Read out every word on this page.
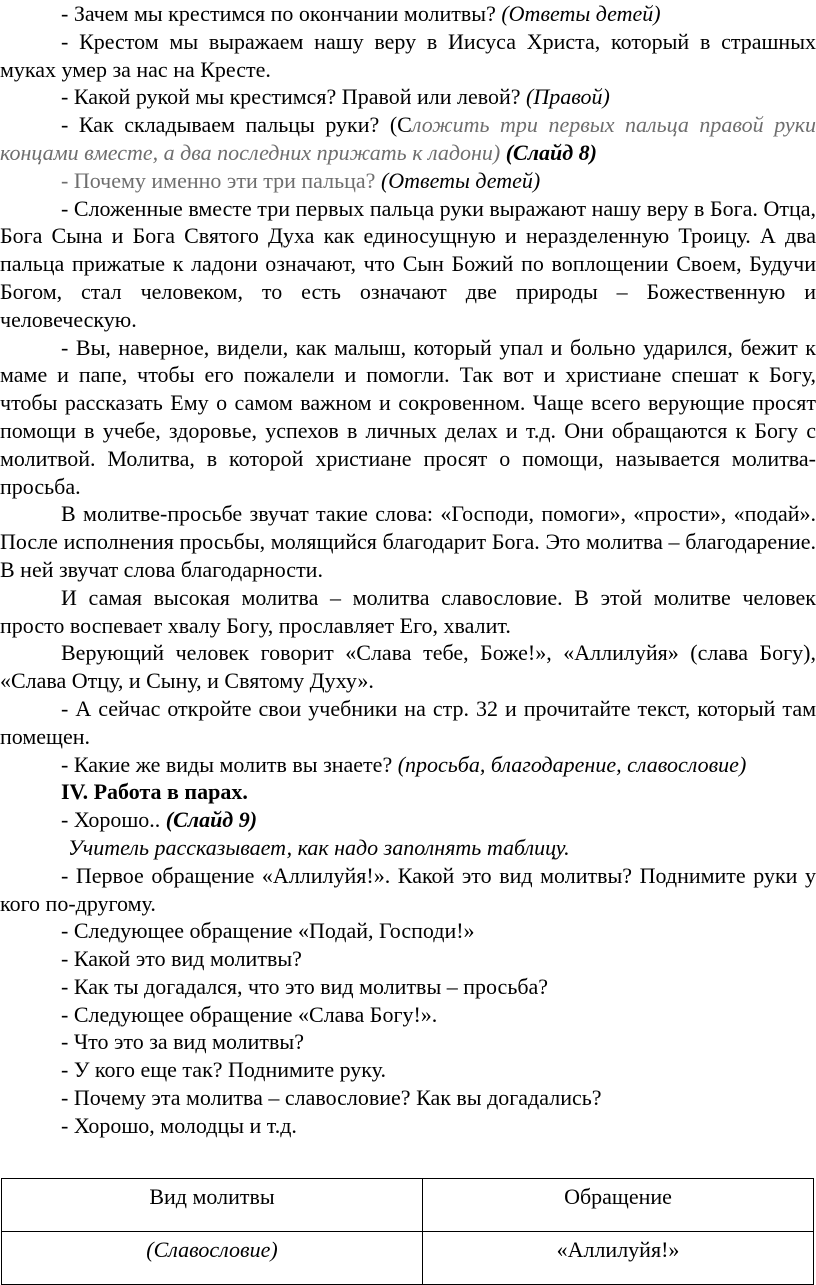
- Зачем мы крестимся по окончании молитвы? (Ответы детей)

- Крестом мы выражаем нашу веру в Иисуса Христа, который в страшных муках умер за нас на Кресте.

- Какой рукой мы крестимся? Правой или левой? (Правой)

- Как складываем пальцы руки? (Сложить три первых пальца правой руки концами вместе, а два последних прижать к ладони) (Слайд 8)

- Почему именно эти три пальца? (Ответы детей)

- Сложенные вместе три первых пальца руки выражают нашу веру в Бога. Отца, Бога Сына и Бога Святого Духа как единосущную и неразделенную Троицу. А два пальца прижатые к ладони означают, что Сын Божий по воплощении Своем, Будучи Богом, стал человеком, то есть означают две природы – Божественную и человеческую.

- Вы, наверное, видели, как малыш, который упал и больно ударился, бежит к маме и папе, чтобы его пожалели и помогли. Так вот и христиане спешат к Богу, чтобы рассказать Ему о самом важном и сокровенном. Чаще всего верующие просят помощи в учебе, здоровье, успехов в личных делах и т.д. Они обращаются к Богу с молитвой. Молитва, в которой христиане просят о помощи, называется молитва-просьба.

В молитве-просьбе звучат такие слова: «Господи, помоги», «прости», «подай». После исполнения просьбы, молящийся благодарит Бога. Это молитва – благодарение. В ней звучат слова благодарности.

И самая высокая молитва – молитва славословие. В этой молитве человек просто воспевает хвалу Богу, прославляет Его, хвалит.

Верующий человек говорит «Слава тебе, Боже!», «Аллилуйя» (слава Богу), «Слава Отцу, и Сыну, и Святому Духу».

- А сейчас откройте свои учебники на стр. 32 и прочитайте текст, который там помещен.

- Какие же виды молитв вы знаете? (просьба, благодарение, славословие)

IV. Работа в парах.

- Хорошо.. (Слайд 9)

Учитель рассказывает, как надо заполнять таблицу.

- Первое обращение «Аллилуйя!». Какой это вид молитвы? Поднимите руки у кого по-другому.

- Следующее обращение «Подай, Господи!»

- Какой это вид молитвы?

- Как ты догадался, что это вид молитвы – просьба?

- Следующее обращение «Слава Богу!».

- Что это за вид молитвы?

- У кого еще так? Поднимите руку.

- Почему эта молитва – славословие? Как вы догадались?

- Хорошо, молодцы и т.д.

Вид молитвы	Обращение
(Славословие)	«Аллилуйя!»
